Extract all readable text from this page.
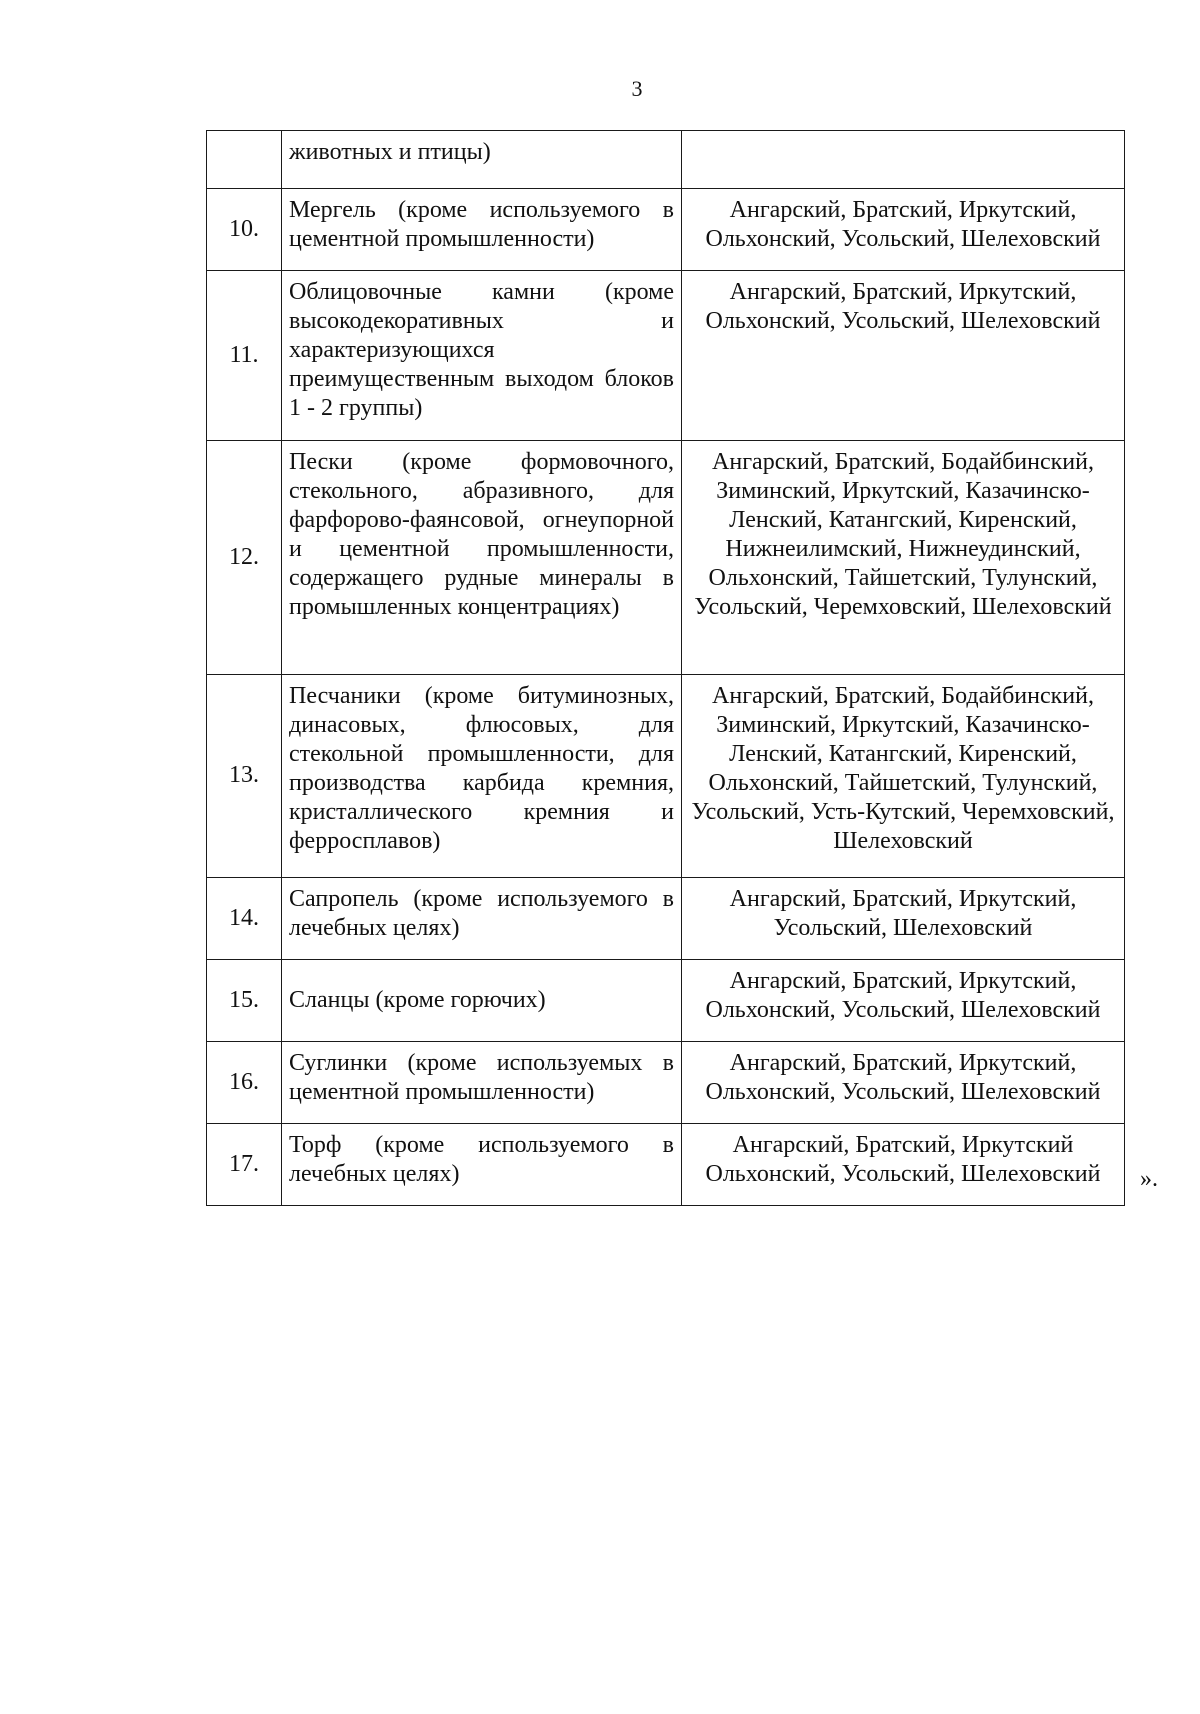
3
	животных и птицы)	
10.	Мергель (кроме используемого в цементной промышленности)	Ангарский, Братский, Иркутский, Ольхонский, Усольский, Шелеховский
11.	Облицовочные камни (кроме высокодекоративных и характеризующихся преимущественным выходом блоков 1 - 2 группы)	Ангарский, Братский, Иркутский, Ольхонский, Усольский, Шелеховский
12.	Пески (кроме формовочного, стекольного, абразивного, для фарфорово-фаянсовой, огнеупорной и цементной промышленности, содержащего рудные минералы в промышленных концентрациях)	Ангарский, Братский, Бодайбинский, Зиминский, Иркутский, Казачинско-Ленский, Катангский, Киренский, Нижнеилимский, Нижнеудинский, Ольхонский, Тайшетский, Тулунский, Усольский, Черемховский, Шелеховский
13.	Песчаники (кроме битуминозных, динасовых, флюсовых, для стекольной промышленности, для производства карбида кремния, кристаллического кремния и ферросплавов)	Ангарский, Братский, Бодайбинский, Зиминский, Иркутский, Казачинско-Ленский, Катангский, Киренский, Ольхонский, Тайшетский, Тулунский, Усольский, Усть-Кутский, Черемховский, Шелеховский
14.	Сапропель (кроме используемого в лечебных целях)	Ангарский, Братский, Иркутский, Усольский, Шелеховский
15.	Сланцы (кроме горючих)	Ангарский, Братский, Иркутский, Ольхонский, Усольский, Шелеховский
16.	Суглинки (кроме используемых в цементной промышленности)	Ангарский, Братский, Иркутский, Ольхонский, Усольский, Шелеховский
17.	Торф (кроме используемого в лечебных целях)	Ангарский, Братский, Иркутский Ольхонский, Усольский, Шелеховский ».
